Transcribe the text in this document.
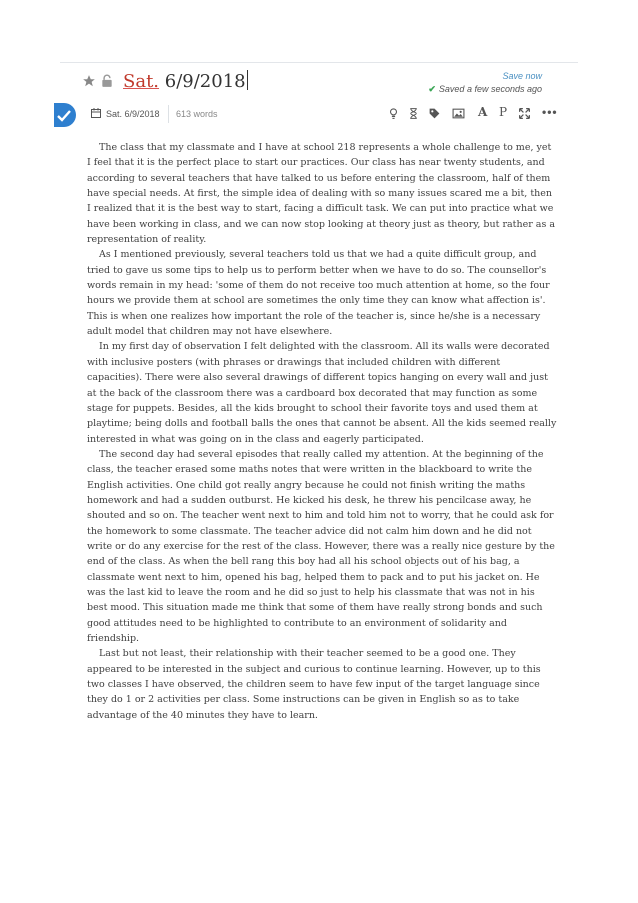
Sat. 6/9/2018	Save now
✔ Saved a few seconds ago
Sat. 6/9/2018 613 words	A P	•••

The class that my classmate and I have at school 218 represents a whole challenge to me, yet I feel that it is the perfect place to start our practices. Our class has near twenty students, and according to several teachers that have talked to us before entering the classroom, half of them have special needs. At first, the simple idea of dealing with so many issues scared me a bit, then I realized that it is the best way to start, facing a difficult task. We can put into practice what we have been working in class, and we can now stop looking at theory just as theory, but rather as a representation of reality.

As I mentioned previously, several teachers told us that we had a quite difficult group, and tried to gave us some tips to help us to perform better when we have to do so. The counsellor's words remain in my head: 'some of them do not receive too much attention at home, so the four hours we provide them at school are sometimes the only time they can know what affection is'. This is when one realizes how important the role of the teacher is, since he/she is a necessary adult model that children may not have elsewhere.

In my first day of observation I felt delighted with the classroom. All its walls were decorated with inclusive posters (with phrases or drawings that included children with different capacities). There were also several drawings of different topics hanging on every wall and just at the back of the classroom there was a cardboard box decorated that may function as some stage for puppets. Besides, all the kids brought to school their favorite toys and used them at playtime; being dolls and football balls the ones that cannot be absent. All the kids seemed really interested in what was going on in the class and eagerly participated.

The second day had several episodes that really called my attention. At the beginning of the class, the teacher erased some maths notes that were written in the blackboard to write the English activities. One child got really angry because he could not finish writing the maths homework and had a sudden outburst. He kicked his desk, he threw his pencilcase away, he shouted and so on. The teacher went next to him and told him not to worry, that he could ask for the homework to some classmate. The teacher advice did not calm him down and he did not write or do any exercise for the rest of the class. However, there was a really nice gesture by the end of the class. As when the bell rang this boy had all his school objects out of his bag, a classmate went next to him, opened his bag, helped them to pack and to put his jacket on. He was the last kid to leave the room and he did so just to help his classmate that was not in his best mood. This situation made me think that some of them have really strong bonds and such good attitudes need to be highlighted to contribute to an environment of solidarity and friendship.

Last but not least, their relationship with their teacher seemed to be a good one. They appeared to be interested in the subject and curious to continue learning. However, up to this two classes I have observed, the children seem to have few input of the target language since they do 1 or 2 activities per class. Some instructions can be given in English so as to take advantage of the 40 minutes they have to learn.
